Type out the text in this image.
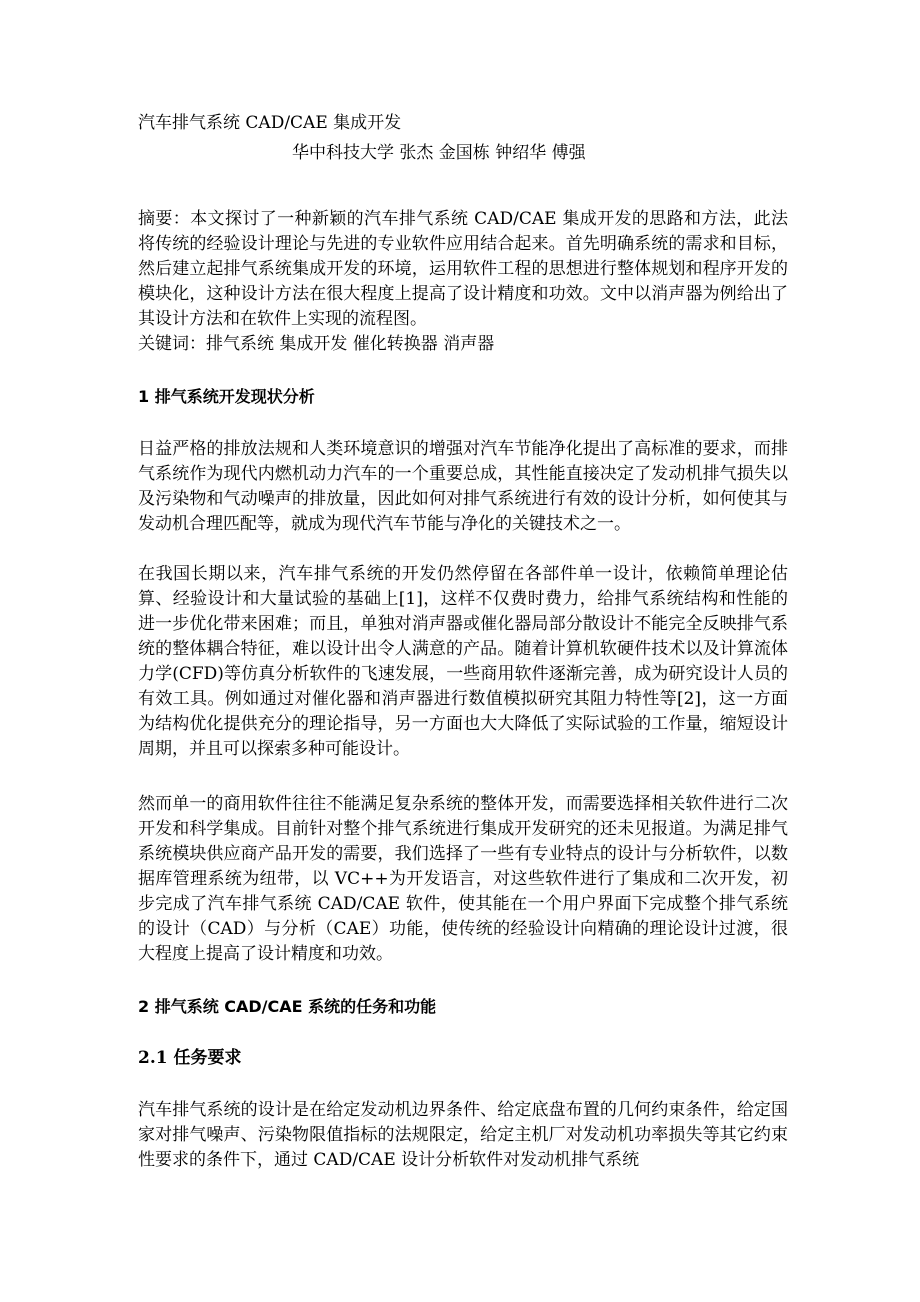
汽车排气系统 CAD/CAE 集成开发

华中科技大学 张杰 金国栋 钟绍华 傅强

摘要：本文探讨了一种新颖的汽车排气系统 CAD/CAE 集成开发的思路和方法，此法将传统的经验设计理论与先进的专业软件应用结合起来。首先明确系统的需求和目标，然后建立起排气系统集成开发的环境，运用软件工程的思想进行整体规划和程序开发的模块化，这种设计方法在很大程度上提高了设计精度和功效。文中以消声器为例给出了其设计方法和在软件上实现的流程图。

关键词：排气系统 集成开发 催化转换器 消声器

1 排气系统开发现状分析

日益严格的排放法规和人类环境意识的增强对汽车节能净化提出了高标准的要求，而排气系统作为现代内燃机动力汽车的一个重要总成，其性能直接决定了发动机排气损失以及污染物和气动噪声的排放量，因此如何对排气系统进行有效的设计分析，如何使其与发动机合理匹配等，就成为现代汽车节能与净化的关键技术之一。

在我国长期以来，汽车排气系统的开发仍然停留在各部件单一设计，依赖简单理论估算、经验设计和大量试验的基础上[1]，这样不仅费时费力，给排气系统结构和性能的进一步优化带来困难；而且，单独对消声器或催化器局部分散设计不能完全反映排气系统的整体耦合特征，难以设计出令人满意的产品。随着计算机软硬件技术以及计算流体力学(CFD)等仿真分析软件的飞速发展，一些商用软件逐渐完善，成为研究设计人员的有效工具。例如通过对催化器和消声器进行数值模拟研究其阻力特性等[2]，这一方面为结构优化提供充分的理论指导，另一方面也大大降低了实际试验的工作量，缩短设计周期，并且可以探索多种可能设计。

然而单一的商用软件往往不能满足复杂系统的整体开发，而需要选择相关软件进行二次开发和科学集成。目前针对整个排气系统进行集成开发研究的还未见报道。为满足排气系统模块供应商产品开发的需要，我们选择了一些有专业特点的设计与分析软件，以数据库管理系统为纽带，以 VC++为开发语言，对这些软件进行了集成和二次开发，初步完成了汽车排气系统 CAD/CAE 软件，使其能在一个用户界面下完成整个排气系统的设计（CAD）与分析（CAE）功能，使传统的经验设计向精确的理论设计过渡，很大程度上提高了设计精度和功效。

2 排气系统 CAD/CAE 系统的任务和功能
2.1 任务要求

汽车排气系统的设计是在给定发动机边界条件、给定底盘布置的几何约束条件，给定国家对排气噪声、污染物限值指标的法规限定，给定主机厂对发动机功率损失等其它约束性要求的条件下，通过 CAD/CAE 设计分析软件对发动机排气系统
